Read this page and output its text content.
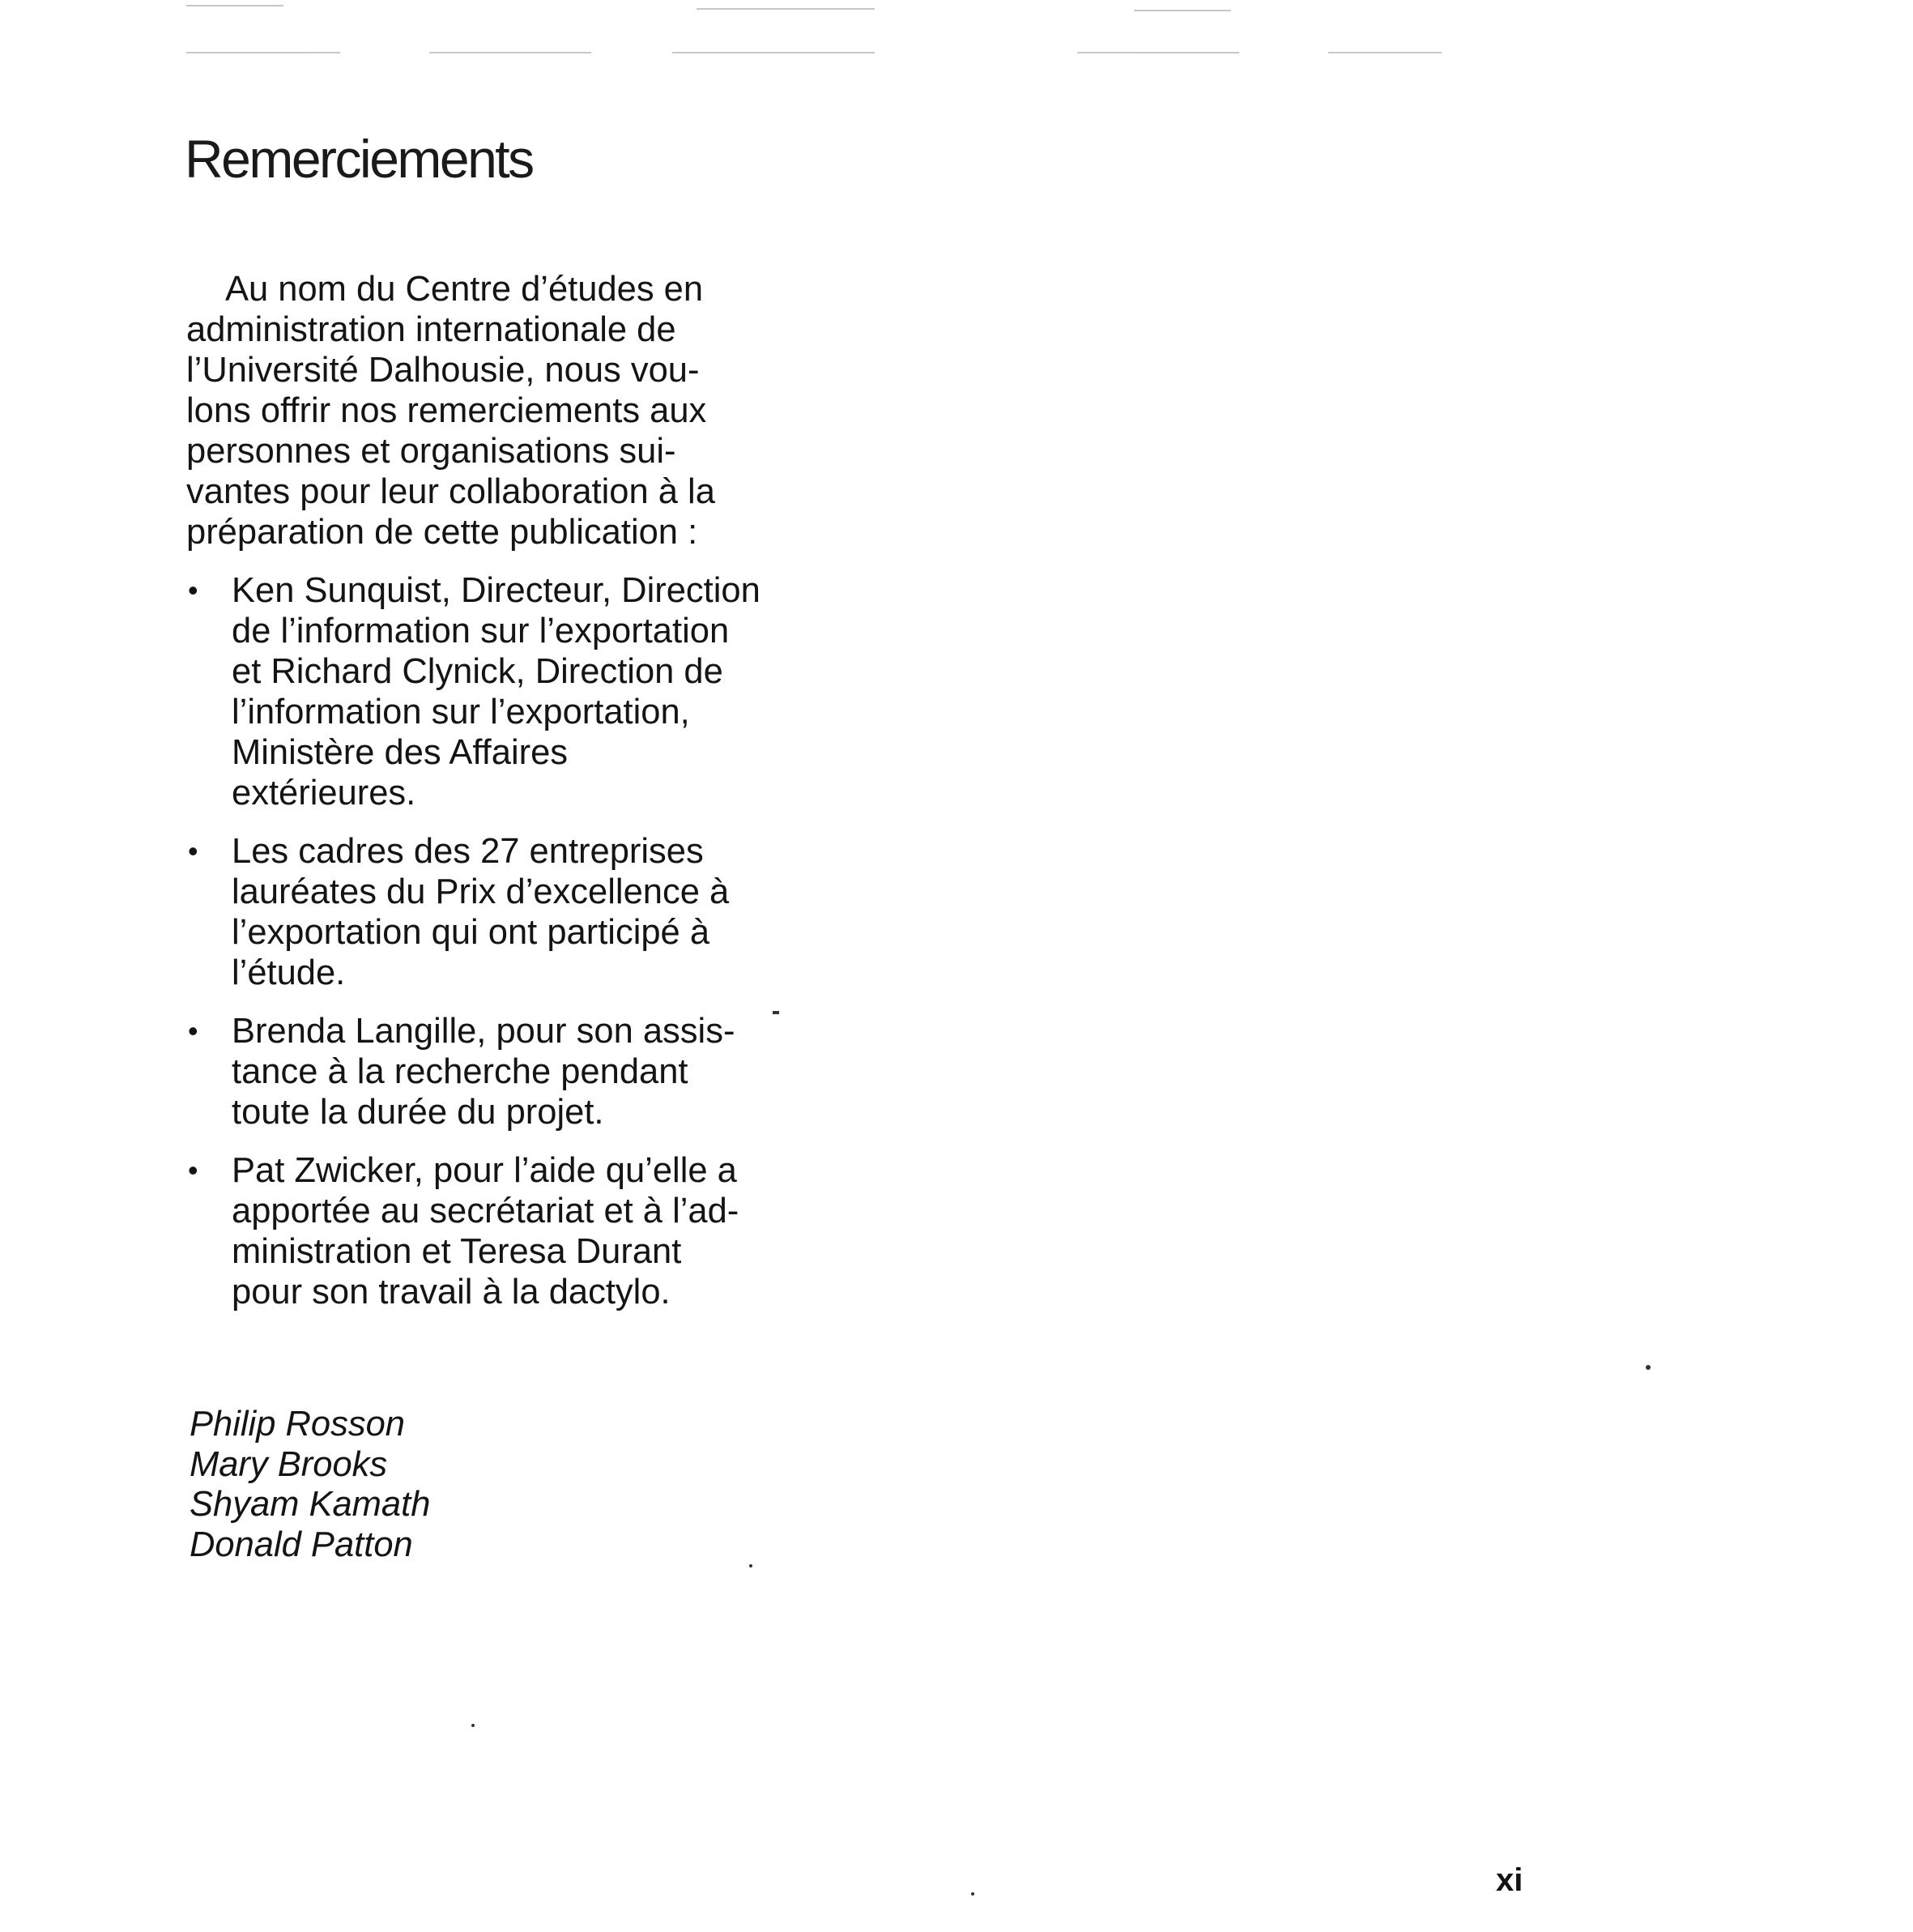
Remerciements

Au nom du Centre d’études en
administration internationale de
l’Université Dalhousie, nous vou-
lons offrir nos remerciements aux
personnes et organisations sui-
vantes pour leur collaboration à la
préparation de cette publication :

• Ken Sunquist, Directeur, Direction
de l’information sur l’exportation
et Richard Clynick, Direction de
l’information sur l’exportation,
Ministère des Affaires
extérieures.
• Les cadres des 27 entreprises
lauréates du Prix d’excellence à
l’exportation qui ont participé à
l’étude.
• Brenda Langille, pour son assis-
tance à la recherche pendant
toute la durée du projet.
• Pat Zwicker, pour l’aide qu’elle a
apportée au secrétariat et à l’ad-
ministration et Teresa Durant
pour son travail à la dactylo.
Philip Rosson
Mary Brooks
Shyam Kamath
Donald Patton
xi
